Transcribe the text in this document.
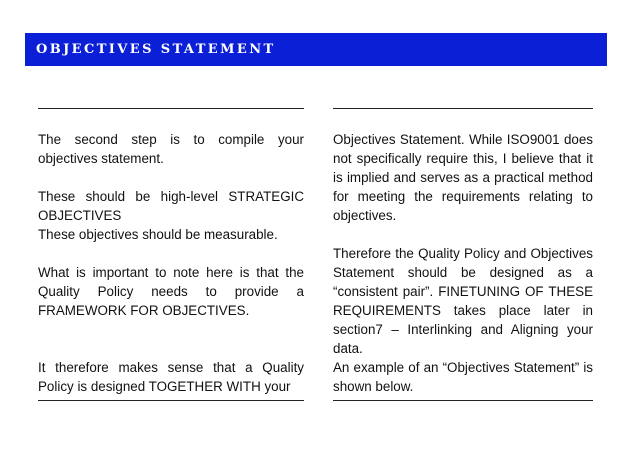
OBJECTIVES STATEMENT

The second step is to compile your objectives statement.

These should be high-level STRATEGIC OBJECTIVES

These objectives should be measurable.

What is important to note here is that the Quality Policy needs to provide a FRAMEWORK FOR OBJECTIVES.

It therefore makes sense that a Quality Policy is designed TOGETHER WITH your

Objectives Statement. While ISO9001 does not specifically require this, I believe that it is implied and serves as a practical method for meeting the requirements relating to objectives.

Therefore the Quality Policy and Objectives Statement should be designed as a “consistent pair”. FINETUNING OF THESE REQUIREMENTS takes place later in section7 – Interlinking and Aligning your data.

An example of an “Objectives Statement” is shown below.
